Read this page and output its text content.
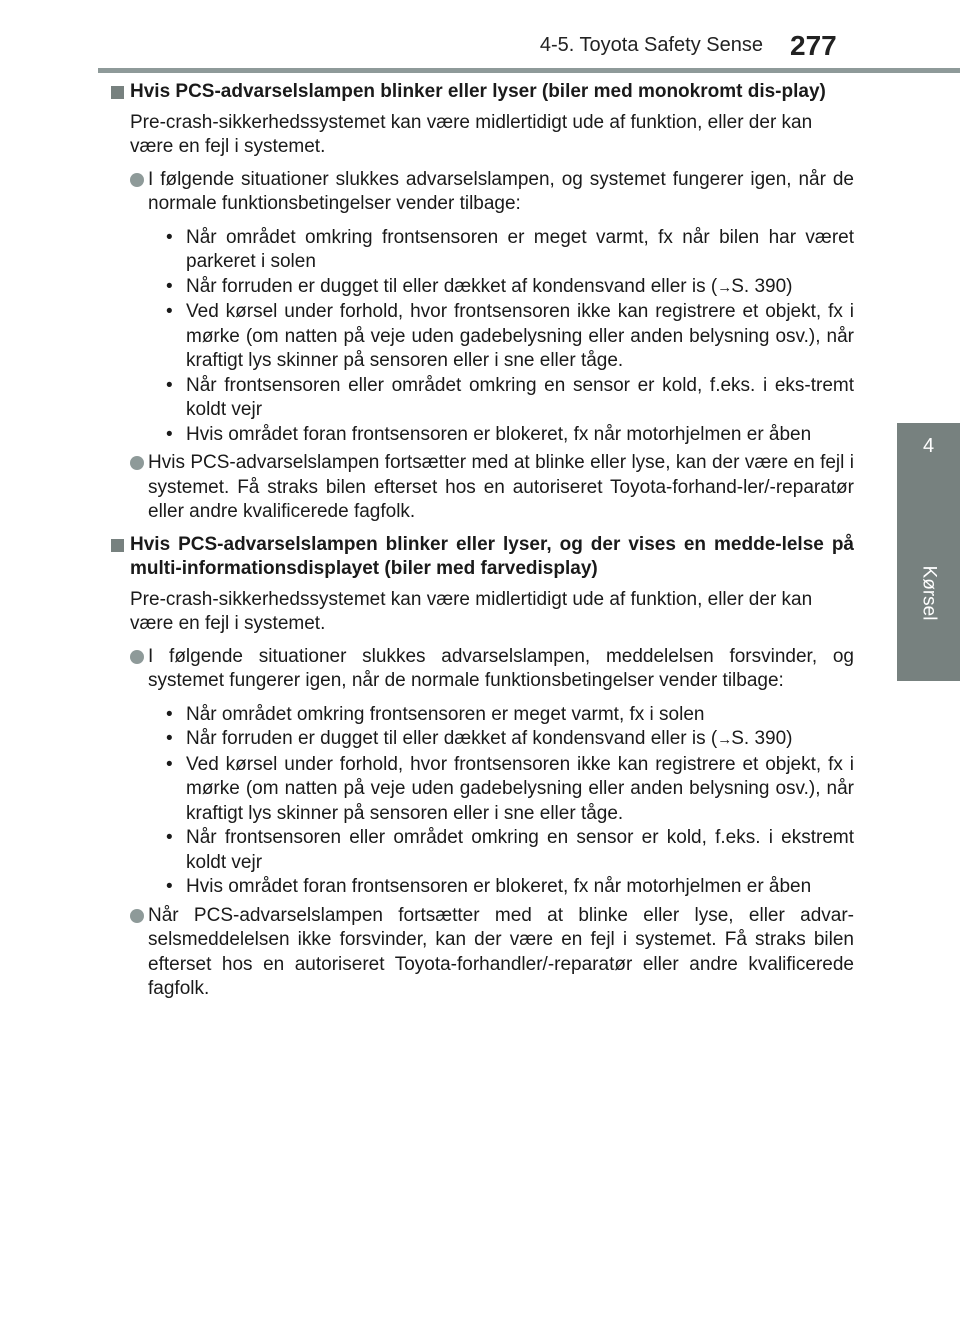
4-5. Toyota Safety Sense 277
4
Kørsel

Hvis PCS-advarselslampen blinker eller lyser (biler med monokromt dis-play)

Pre-crash-sikkerhedssystemet kan være midlertidigt ude af funktion, eller der kan være en fejl i systemet.

I følgende situationer slukkes advarselslampen, og systemet fungerer igen, når de normale funktionsbetingelser vender tilbage:
• Når området omkring frontsensoren er meget varmt, fx når bilen har været parkeret i solen
• Når forruden er dugget til eller dækket af kondensvand eller is (→S. 390)
• Ved kørsel under forhold, hvor frontsensoren ikke kan registrere et objekt, fx i mørke (om natten på veje uden gadebelysning eller anden belysning osv.), når kraftigt lys skinner på sensoren eller i sne eller tåge.
• Når frontsensoren eller området omkring en sensor er kold, f.eks. i eks-tremt koldt vejr
• Hvis området foran frontsensoren er blokeret, fx når motorhjelmen er åben
Hvis PCS-advarselslampen fortsætter med at blinke eller lyse, kan der være en fejl i systemet. Få straks bilen efterset hos en autoriseret Toyota-forhand-ler/-reparatør eller andre kvalificerede fagfolk.

Hvis PCS-advarselslampen blinker eller lyser, og der vises en medde-lelse på multi-informationsdisplayet (biler med farvedisplay)

Pre-crash-sikkerhedssystemet kan være midlertidigt ude af funktion, eller der kan være en fejl i systemet.

I følgende situationer slukkes advarselslampen, meddelelsen forsvinder, og systemet fungerer igen, når de normale funktionsbetingelser vender tilbage:
• Når området omkring frontsensoren er meget varmt, fx i solen
• Når forruden er dugget til eller dækket af kondensvand eller is (→S. 390)
• Ved kørsel under forhold, hvor frontsensoren ikke kan registrere et objekt, fx i mørke (om natten på veje uden gadebelysning eller anden belysning osv.), når kraftigt lys skinner på sensoren eller i sne eller tåge.
• Når frontsensoren eller området omkring en sensor er kold, f.eks. i ekstremt koldt vejr
• Hvis området foran frontsensoren er blokeret, fx når motorhjelmen er åben
Når PCS-advarselslampen fortsætter med at blinke eller lyse, eller advar-selsmeddelelsen ikke forsvinder, kan der være en fejl i systemet. Få straks bilen efterset hos en autoriseret Toyota-forhandler/-reparatør eller andre kvalificerede fagfolk.
